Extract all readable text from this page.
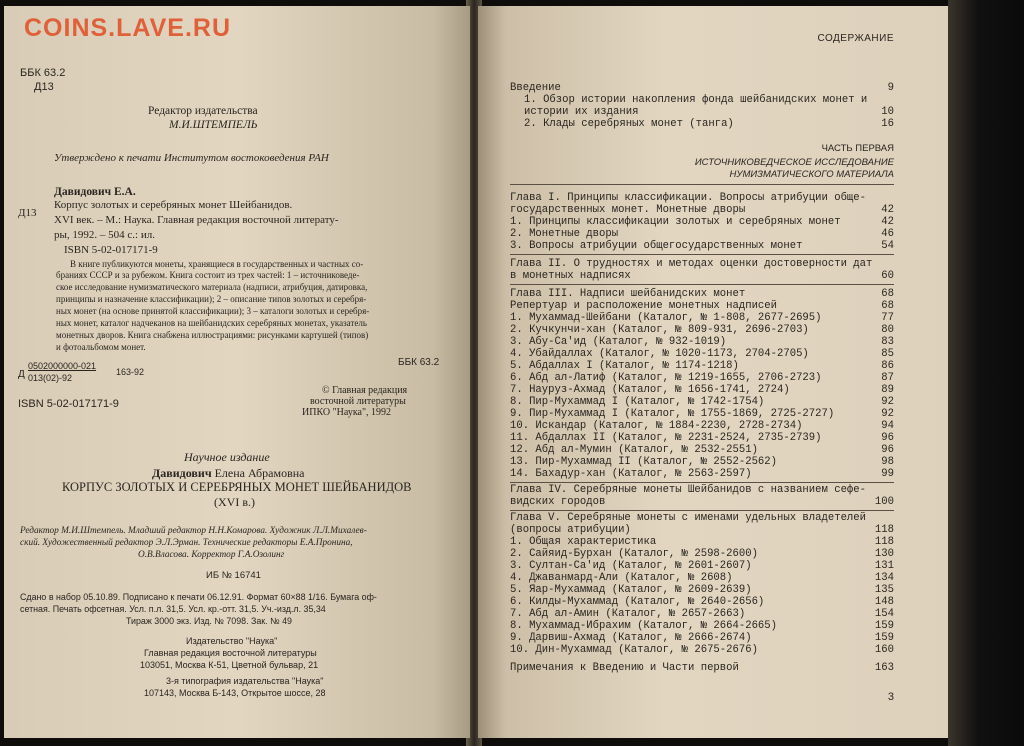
ББК 63.2
Д13
Редактор издательства
М.И.ШТЕМПЕЛЬ
Утверждено к печати Институтом востоковедения РАН
Давидович Е.А.
Д13
Корпус золотых и серебряных монет Шейбанидов.
XVI век. – М.: Наука. Главная редакция восточной литерату-
ры, 1992. – 504 с.: ил.
ISBN 5-02-017171-9
В книге публикуются монеты, хранящиеся в государственных и частных со-
браниях СССР и за рубежом. Книга состоит из трех частей: 1 – источниковеде-
ское исследование нумизматического материала (надписи, атрибуция, датировка,
принципы и назначение классификации); 2 – описание типов золотых и серебря-
ных монет (на основе принятой классификации); 3 – каталоги золотых и серебря-
ных монет, каталог надчеканов на шейбанидских серебряных монетах, указатель
монетных дворов. Книга снабжена иллюстрациями: рисунками картушей (типов)
и фотоальбомом монет.
ББК 63.2
Д
0502000000-021
013(02)-92
163-92
ISBN 5-02-017171-9
© Главная редакция
восточной литературы
ИПКО "Наука", 1992
Научное издание
Давидович Елена Абрамовна
КОРПУС ЗОЛОТЫХ И СЕРЕБРЯНЫХ МОНЕТ ШЕЙБАНИДОВ
(XVI в.)
Редактор М.И.Штемпель. Младший редактор Н.Н.Комарова. Художник Л.Л.Михалев-
ский. Художественный редактор Э.Л.Эрман. Технические редакторы Е.А.Пронина,
О.В.Власова. Корректор Г.А.Озолинг
ИБ № 16741
Сдано в набор 05.10.89. Подписано к печати 06.12.91. Формат 60×88 1/16. Бумага оф-
сетная. Печать офсетная. Усл. п.л. 31,5. Усл. кр.-отт. 31,5. Уч.-изд.л. 35,34
Тираж 3000 экз. Изд. № 7098. Зак. № 49
Издательство "Наука"
Главная редакция восточной литературы
103051, Москва К-51, Цветной бульвар, 21
3-я типография издательства "Наука"
107143, Москва Б-143, Открытое шоссе, 28
СОДЕРЖАНИЕ
Введение	9
1. Обзор истории накопления фонда шейбанидских монет и
истории их издания	10
2. Клады серебряных монет (танга)	16
ЧАСТЬ ПЕРВАЯ
ИСТОЧНИКОВЕДЧЕСКОЕ ИССЛЕДОВАНИЕ
НУМИЗМАТИЧЕСКОГО МАТЕРИАЛА
Глава I. Принципы классификации. Вопросы атрибуции обще-
государственных монет. Монетные дворы	42
1. Принципы классификации золотых и серебряных монет	42
2. Монетные дворы	46
3. Вопросы атрибуции общегосударственных монет	54
Глава II. О трудностях и методах оценки достоверности дат
в монетных надписях	60
Глава III. Надписи шейбанидских монет	68
Репертуар и расположение монетных надписей	68
1. Мухаммад-Шейбани (Каталог, № 1-808, 2677-2695)	77
2. Кучкунчи-хан (Каталог, № 809-931, 2696-2703)	80
3. Абу-Са'ид (Каталог, № 932-1019)	83
4. Убайдаллах (Каталог, № 1020-1173, 2704-2705)	85
5. Абдаллах I (Каталог, № 1174-1218)	86
6. Абд ал-Латиф (Каталог, № 1219-1655, 2706-2723)	87
7. Науруз-Ахмад (Каталог, № 1656-1741, 2724)	89
8. Пир-Мухаммад I (Каталог, № 1742-1754)	92
9. Пир-Мухаммад I (Каталог, № 1755-1869, 2725-2727)	92
10. Искандар (Каталог, № 1884-2230, 2728-2734)	94
11. Абдаллах II (Каталог, № 2231-2524, 2735-2739)	96
12. Абд ал-Мумин (Каталог, № 2532-2551)	96
13. Пир-Мухаммад II (Каталог, № 2552-2562)	98
14. Бахадур-хан (Каталог, № 2563-2597)	99
Глава IV. Серебряные монеты Шейбанидов с названием сефе-
видских городов	100
Глава V. Серебряные монеты с именами удельных владетелей
(вопросы атрибуции)	118
1. Общая характеристика	118
2. Сайяид-Бурхан (Каталог, № 2598-2600)	130
3. Султан-Са'ид (Каталог, № 2601-2607)	131
4. Джаванмард-Али (Каталог, № 2608)	134
5. Яар-Мухаммад (Каталог, № 2609-2639)	135
6. Килды-Мухаммад (Каталог, № 2640-2656)	148
7. Абд ал-Амин (Каталог, № 2657-2663)	154
8. Мухаммад-Ибрахим (Каталог, № 2664-2665)	159
9. Дарвиш-Ахмад (Каталог, № 2666-2674)	159
10. Дин-Мухаммад (Каталог, № 2675-2676)	160
Примечания к Введению и Части первой	163
3
COINS.LAVE.RU
